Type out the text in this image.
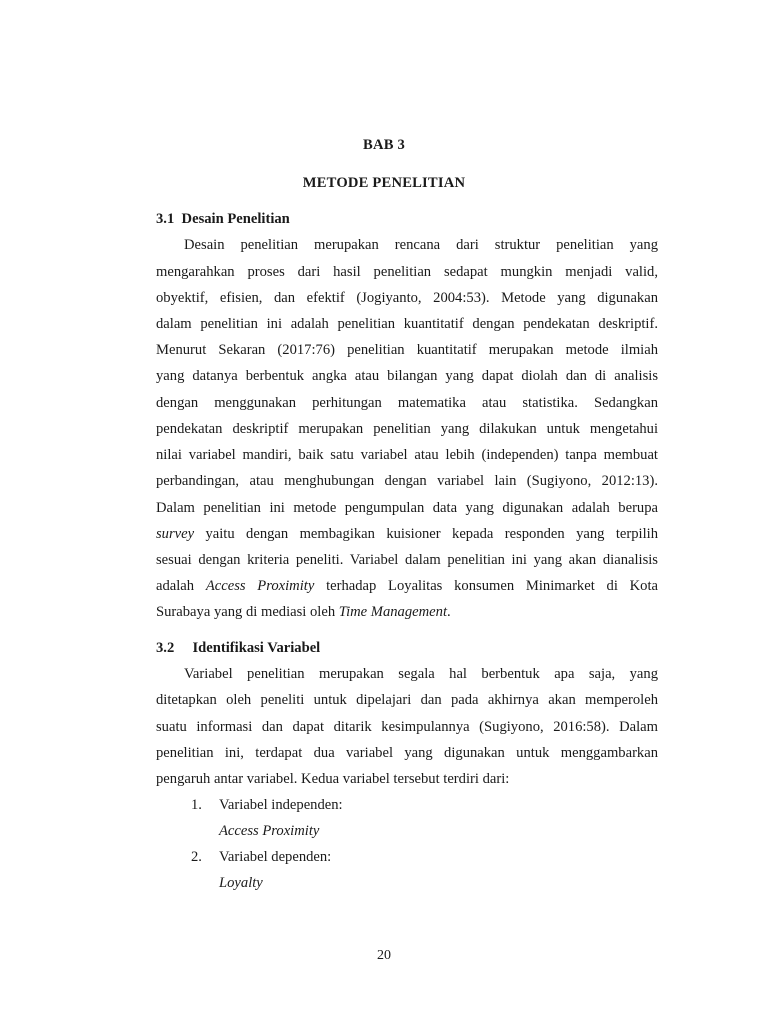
BAB 3
METODE PENELITIAN
3.1 Desain Penelitian
Desain penelitian merupakan rencana dari struktur penelitian yang
mengarahkan proses dari hasil penelitian sedapat mungkin menjadi valid,
obyektif, efisien, dan efektif (Jogiyanto, 2004:53). Metode yang digunakan
dalam penelitian ini adalah penelitian kuantitatif dengan pendekatan deskriptif.
Menurut Sekaran (2017:76) penelitian kuantitatif merupakan metode ilmiah
yang datanya berbentuk angka atau bilangan yang dapat diolah dan di analisis
dengan menggunakan perhitungan matematika atau statistika. Sedangkan
pendekatan deskriptif merupakan penelitian yang dilakukan untuk mengetahui
nilai variabel mandiri, baik satu variabel atau lebih (independen) tanpa membuat
perbandingan, atau menghubungan dengan variabel lain (Sugiyono, 2012:13).
Dalam penelitian ini metode pengumpulan data yang digunakan adalah berupa
survey yaitu dengan membagikan kuisioner kepada responden yang terpilih
sesuai dengan kriteria peneliti. Variabel dalam penelitian ini yang akan dianalisis
adalah Access Proximity terhadap Loyalitas konsumen Minimarket di Kota
Surabaya yang di mediasi oleh Time Management.
3.2 Identifikasi Variabel
Variabel penelitian merupakan segala hal berbentuk apa saja, yang
ditetapkan oleh peneliti untuk dipelajari dan pada akhirnya akan memperoleh
suatu informasi dan dapat ditarik kesimpulannya (Sugiyono, 2016:58). Dalam
penelitian ini, terdapat dua variabel yang digunakan untuk menggambarkan
pengaruh antar variabel. Kedua variabel tersebut terdiri dari:
1. Variabel independen:
Access Proximity
2. Variabel dependen:
Loyalty
20
